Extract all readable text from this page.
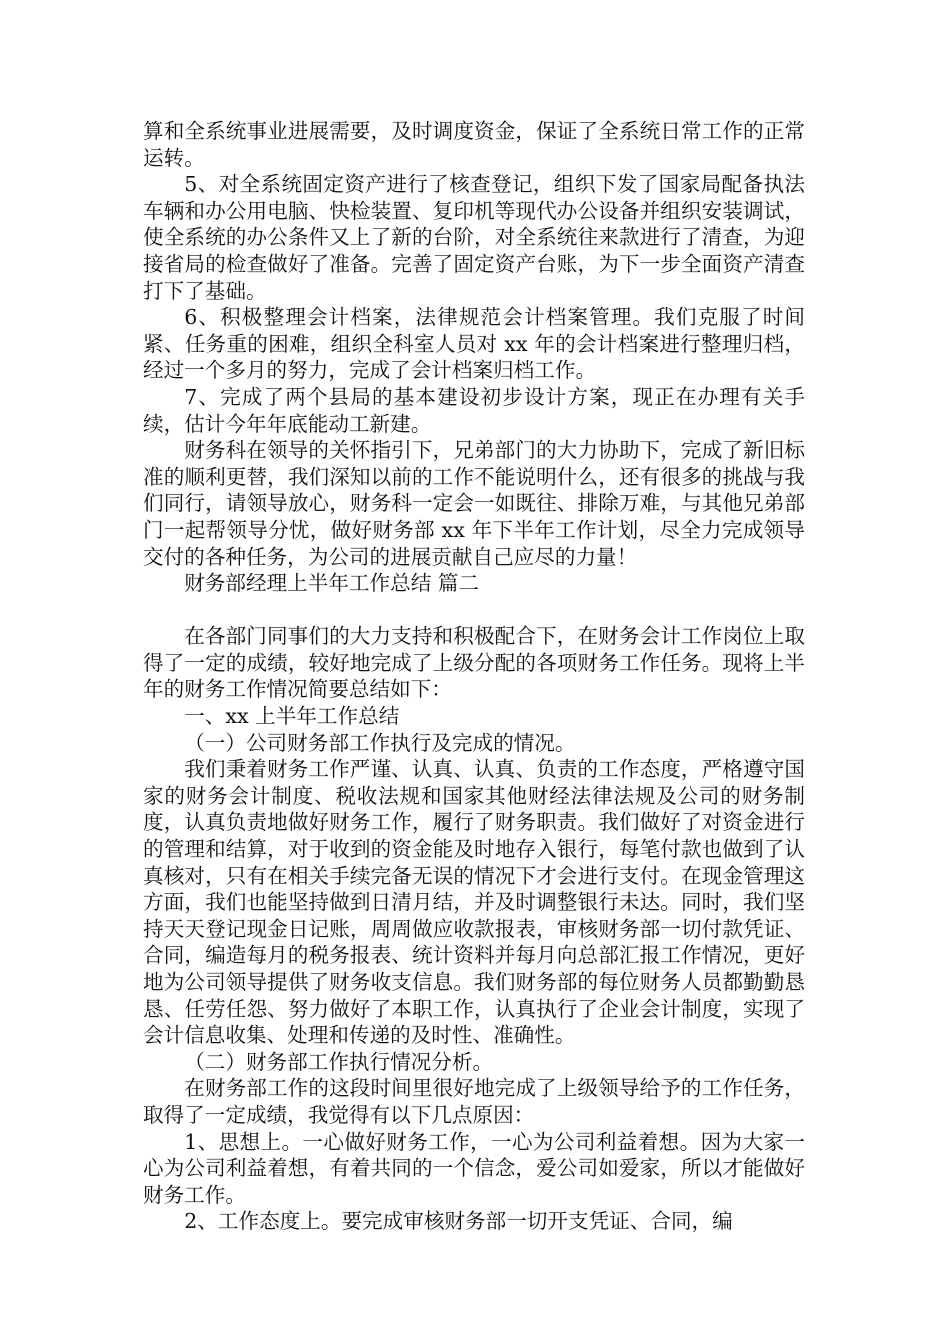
算和全系统事业进展需要，及时调度资金，保证了全系统日常工作的正常运转。

5、对全系统固定资产进行了核查登记，组织下发了国家局配备执法车辆和办公用电脑、快检装置、复印机等现代办公设备并组织安装调试，使全系统的办公条件又上了新的台阶，对全系统往来款进行了清查，为迎接省局的检查做好了准备。完善了固定资产台账，为下一步全面资产清查打下了基础。

6、积极整理会计档案，法律规范会计档案管理。我们克服了时间紧、任务重的困难，组织全科室人员对 xx 年的会计档案进行整理归档，经过一个多月的努力，完成了会计档案归档工作。

7、完成了两个县局的基本建设初步设计方案，现正在办理有关手续，估计今年年底能动工新建。

财务科在领导的关怀指引下，兄弟部门的大力协助下，完成了新旧标准的顺利更替，我们深知以前的工作不能说明什么，还有很多的挑战与我们同行，请领导放心，财务科一定会一如既往、排除万难，与其他兄弟部门一起帮领导分忧，做好财务部 xx 年下半年工作计划，尽全力完成领导交付的各种任务，为公司的进展贡献自己应尽的力量！

财务部经理上半年工作总结 篇二

在各部门同事们的大力支持和积极配合下，在财务会计工作岗位上取得了一定的成绩，较好地完成了上级分配的各项财务工作任务。现将上半年的财务工作情况简要总结如下：

一、xx 上半年工作总结

（一）公司财务部工作执行及完成的情况。

我们秉着财务工作严谨、认真、认真、负责的工作态度，严格遵守国家的财务会计制度、税收法规和国家其他财经法律法规及公司的财务制度，认真负责地做好财务工作，履行了财务职责。我们做好了对资金进行的管理和结算，对于收到的资金能及时地存入银行，每笔付款也做到了认真核对，只有在相关手续完备无误的情况下才会进行支付。在现金管理这方面，我们也能坚持做到日清月结，并及时调整银行未达。同时，我们坚持天天登记现金日记账，周周做应收款报表，审核财务部一切付款凭证、合同，编造每月的税务报表、统计资料并每月向总部汇报工作情况，更好地为公司领导提供了财务收支信息。我们财务部的每位财务人员都勤勤恳恳、任劳任怨、努力做好了本职工作，认真执行了企业会计制度，实现了会计信息收集、处理和传递的及时性、准确性。

（二）财务部工作执行情况分析。

在财务部工作的这段时间里很好地完成了上级领导给予的工作任务，取得了一定成绩，我觉得有以下几点原因：

1、思想上。一心做好财务工作，一心为公司利益着想。因为大家一心为公司利益着想，有着共同的一个信念，爱公司如爱家，所以才能做好财务工作。

2、工作态度上。要完成审核财务部一切开支凭证、合同，编
